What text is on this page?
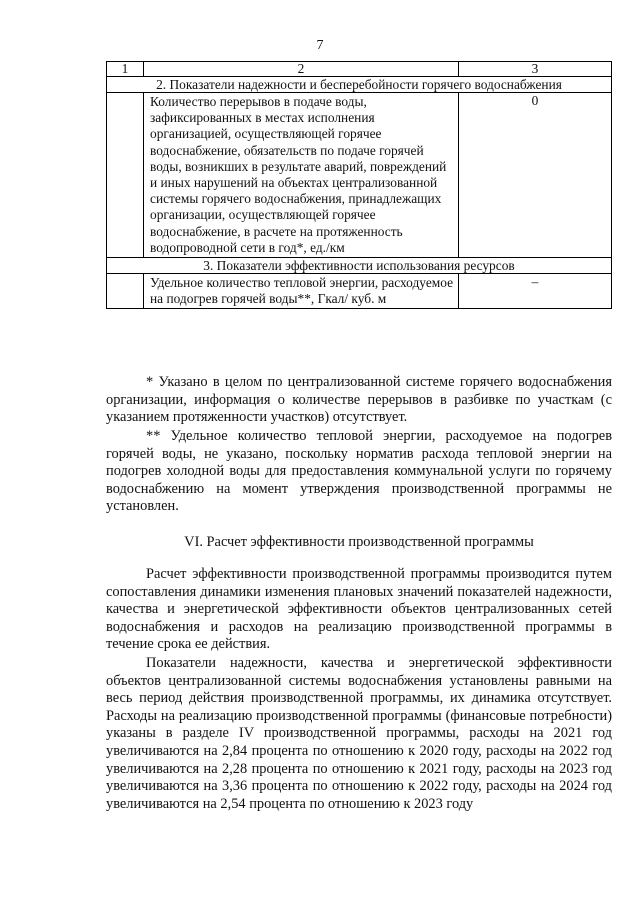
7
1	2	3
2. Показатели надежности и бесперебойности горячего водоснабжения		
	Количество перерывов в подаче воды, зафиксированных в местах исполнения организацией, осуществляющей горячее водоснабжение, обязательств по подаче горячей воды, возникших в результате аварий, повреждений и иных нарушений на объектах централизованной системы горячего водоснабжения, принадлежащих организации, осуществляющей горячее водоснабжение, в расчете на протяженность водопроводной сети в год*, ед./км	0
3. Показатели эффективности использования ресурсов		
	Удельное количество тепловой энергии, расходуемое на подогрев горячей воды**, Гкал/ куб. м	–

* Указано в целом по централизованной системе горячего водоснабжения организации, информация о количестве перерывов в разбивке по участкам (с указанием протяженности участков) отсутствует.

** Удельное количество тепловой энергии, расходуемое на подогрев горячей воды, не указано, поскольку норматив расхода тепловой энергии на подогрев холодной воды для предоставления коммунальной услуги по горячему водоснабжению на момент утверждения производственной программы не установлен.

VI. Расчет эффективности производственной программы

Расчет эффективности производственной программы производится путем сопоставления динамики изменения плановых значений показателей надежности, качества и энергетической эффективности объектов централизованных сетей водоснабжения и расходов на реализацию производственной программы в течение срока ее действия.

Показатели надежности, качества и энергетической эффективности объектов централизованной системы водоснабжения установлены равными на весь период действия производственной программы, их динамика отсутствует. Расходы на реализацию производственной программы (финансовые потребности) указаны в разделе IV производственной программы, расходы на 2021 год увеличиваются на 2,84 процента по отношению к 2020 году, расходы на 2022 год увеличиваются на 2,28 процента по отношению к 2021 году, расходы на 2023 год увеличиваются на 3,36 процента по отношению к 2022 году, расходы на 2024 год увеличиваются на 2,54 процента по отношению к 2023 году
